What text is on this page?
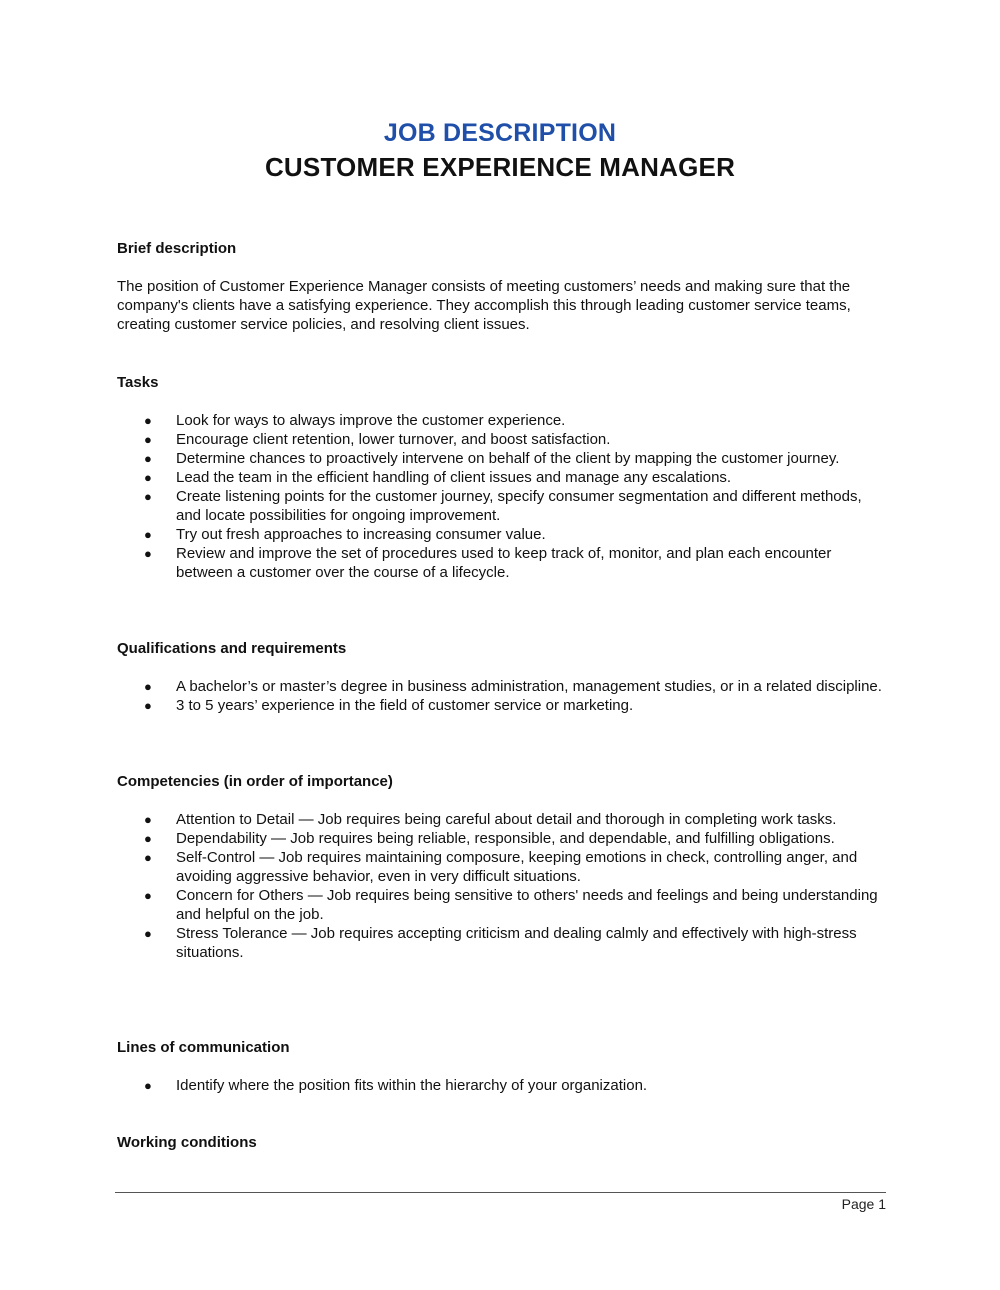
JOB DESCRIPTION
CUSTOMER EXPERIENCE MANAGER
Brief description

The position of Customer Experience Manager consists of meeting customers’ needs and making sure that the company's clients have a satisfying experience. They accomplish this through leading customer service teams, creating customer service policies, and resolving client issues.

Tasks
● Look for ways to always improve the customer experience.
● Encourage client retention, lower turnover, and boost satisfaction.
● Determine chances to proactively intervene on behalf of the client by mapping the customer journey.
● Lead the team in the efficient handling of client issues and manage any escalations.
● Create listening points for the customer journey, specify consumer segmentation and different methods, and locate possibilities for ongoing improvement.
● Try out fresh approaches to increasing consumer value.
● Review and improve the set of procedures used to keep track of, monitor, and plan each encounter between a customer over the course of a lifecycle.
Qualifications and requirements
● A bachelor’s or master’s degree in business administration, management studies, or in a related discipline.
● 3 to 5 years’ experience in the field of customer service or marketing.
Competencies (in order of importance)
● Attention to Detail — Job requires being careful about detail and thorough in completing work tasks.
● Dependability — Job requires being reliable, responsible, and dependable, and fulfilling obligations.
● Self-Control — Job requires maintaining composure, keeping emotions in check, controlling anger, and avoiding aggressive behavior, even in very difficult situations.
● Concern for Others — Job requires being sensitive to others' needs and feelings and being understanding and helpful on the job.
● Stress Tolerance — Job requires accepting criticism and dealing calmly and effectively with high-stress situations.
Lines of communication
● Identify where the position fits within the hierarchy of your organization.
Working conditions
Page 1
